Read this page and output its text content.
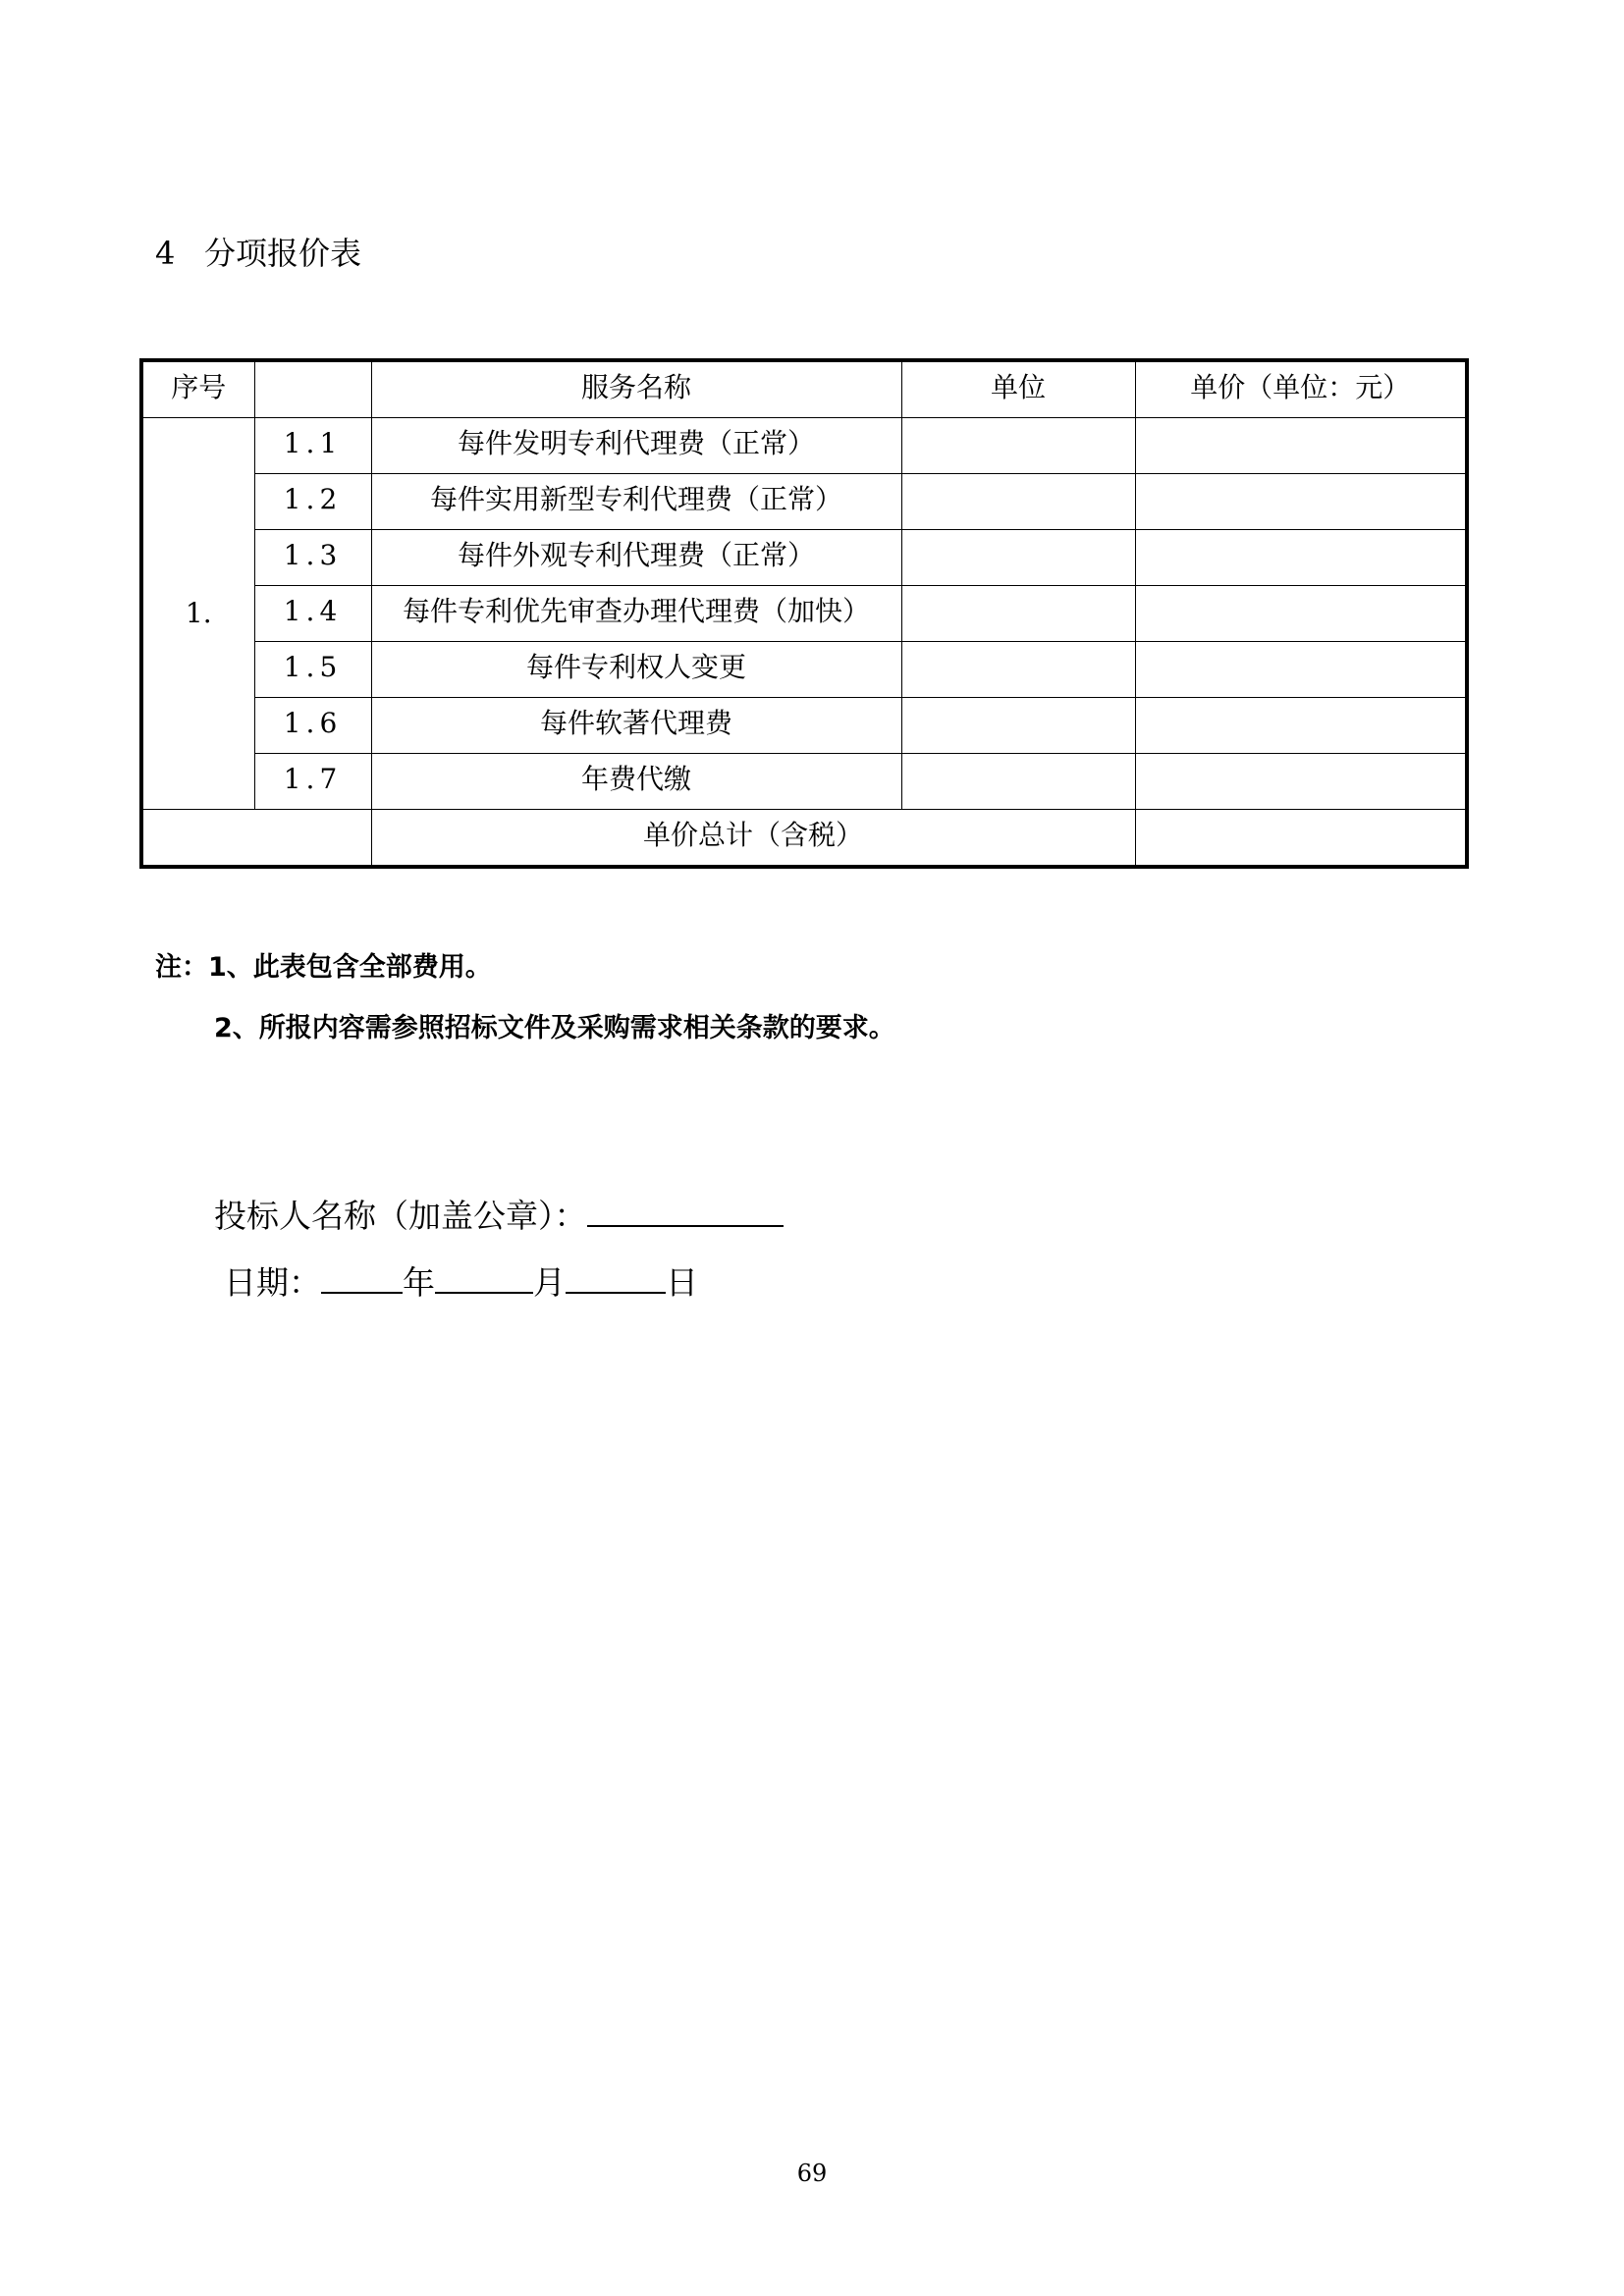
4 分项报价表
序号		服务名称	单位	单价（单位：元）
1.	1.1	每件发明专利代理费（正常）		
	1.2	每件实用新型专利代理费（正常）		
	1.3	每件外观专利代理费（正常）		
	1.4	每件专利优先审查办理代理费（加快）		
	1.5	每件专利权人变更		
	1.6	每件软著代理费		
	1.7	年费代缴		
		单价总计（含税）		
注：1、此表包含全部费用。
2、所报内容需参照招标文件及采购需求相关条款的要求。
投标人名称（加盖公章）：
日期：	年	月	日
69
